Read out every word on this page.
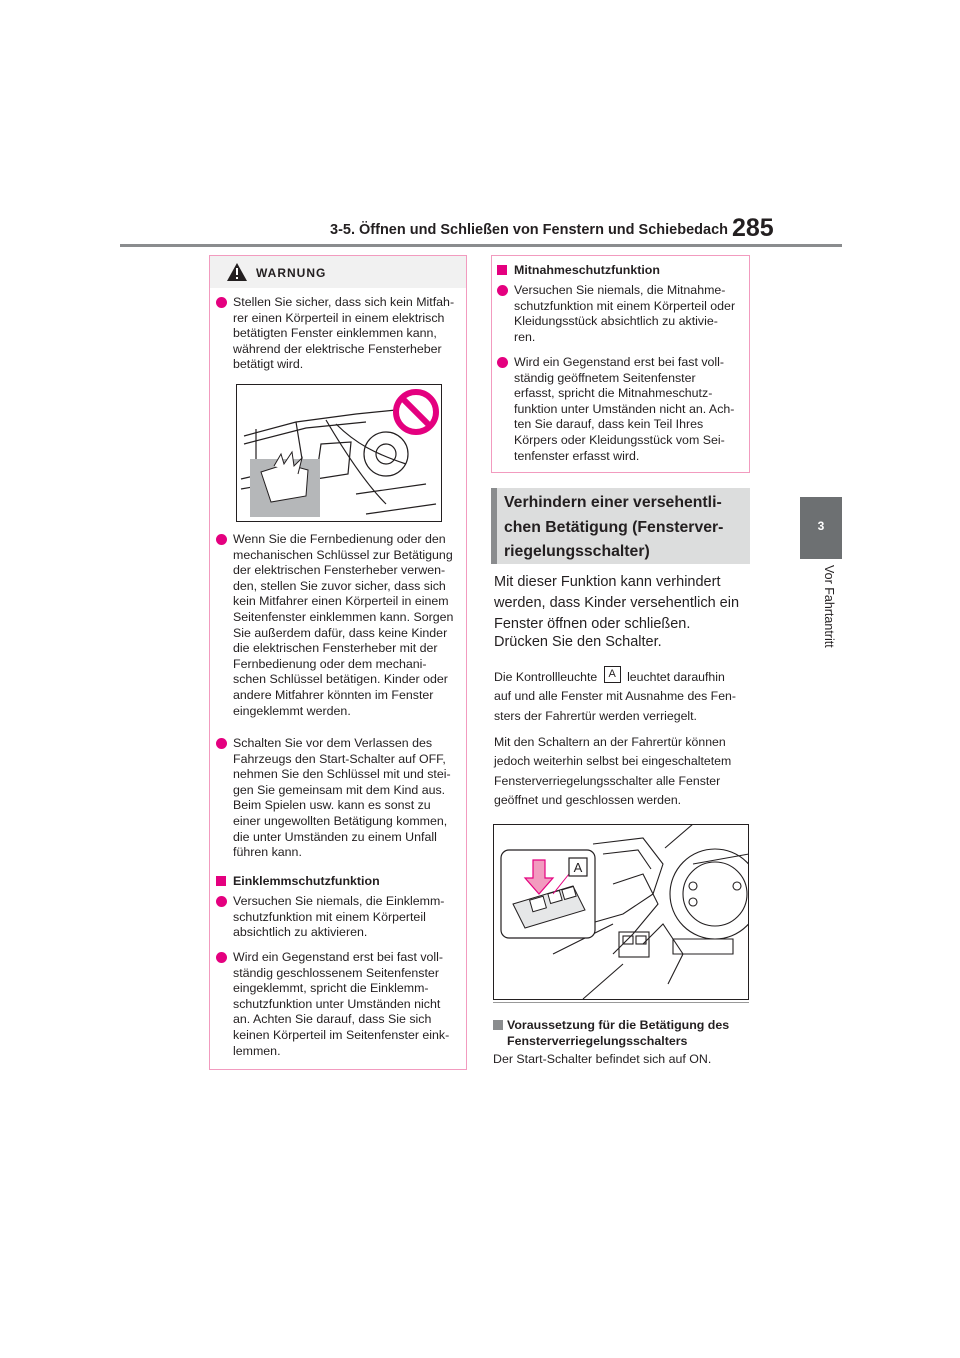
3-5. Öffnen und Schließen von Fenstern und Schiebedach 285
3
Vor Fahrtantritt
WARNUNG
Stellen Sie sicher, dass sich kein Mitfah-
rer einen Körperteil in einem elektrisch
betätigten Fenster einklemmen kann,
während der elektrische Fensterheber
betätigt wird.
Wenn Sie die Fernbedienung oder den
mechanischen Schlüssel zur Betätigung
der elektrischen Fensterheber verwen-
den, stellen Sie zuvor sicher, dass sich
kein Mitfahrer einen Körperteil in einem
Seitenfenster einklemmen kann. Sorgen
Sie außerdem dafür, dass keine Kinder
die elektrischen Fensterheber mit der
Fernbedienung oder dem mechani-
schen Schlüssel betätigen. Kinder oder
andere Mitfahrer könnten im Fenster
eingeklemmt werden.
Schalten Sie vor dem Verlassen des
Fahrzeugs den Start-Schalter auf OFF,
nehmen Sie den Schlüssel mit und stei-
gen Sie gemeinsam mit dem Kind aus.
Beim Spielen usw. kann es sonst zu
einer ungewollten Betätigung kommen,
die unter Umständen zu einem Unfall
führen kann.
Einklemmschutzfunktion
Versuchen Sie niemals, die Einklemm-
schutzfunktion mit einem Körperteil
absichtlich zu aktivieren.
Wird ein Gegenstand erst bei fast voll-
ständig geschlossenem Seitenfenster
eingeklemmt, spricht die Einklemm-
schutzfunktion unter Umständen nicht
an. Achten Sie darauf, dass Sie sich
keinen Körperteil im Seitenfenster eink-
lemmen.
Mitnahmeschutzfunktion
Versuchen Sie niemals, die Mitnahme-
schutzfunktion mit einem Körperteil oder
Kleidungsstück absichtlich zu aktivie-
ren.
Wird ein Gegenstand erst bei fast voll-
ständig geöffnetem Seitenfenster
erfasst, spricht die Mitnahmeschutz-
funktion unter Umständen nicht an. Ach-
ten Sie darauf, dass kein Teil Ihres
Körpers oder Kleidungsstück vom Sei-
tenfenster erfasst wird.
Verhindern einer versehentli-
chen Betätigung (Fensterver-
riegelungsschalter)
Mit dieser Funktion kann verhindert
werden, dass Kinder versehentlich ein
Fenster öffnen oder schließen.
Drücken Sie den Schalter.
Die Kontrollleuchte A leuchtet daraufhin
auf und alle Fenster mit Ausnahme des Fen-
sters der Fahrertür werden verriegelt.
Mit den Schaltern an der Fahrertür können
jedoch weiterhin selbst bei eingeschaltetem
Fensterverriegelungsschalter alle Fenster
geöffnet und geschlossen werden.
A
Voraussetzung für die Betätigung des
Fensterverriegelungsschalters
Der Start-Schalter befindet sich auf ON.
